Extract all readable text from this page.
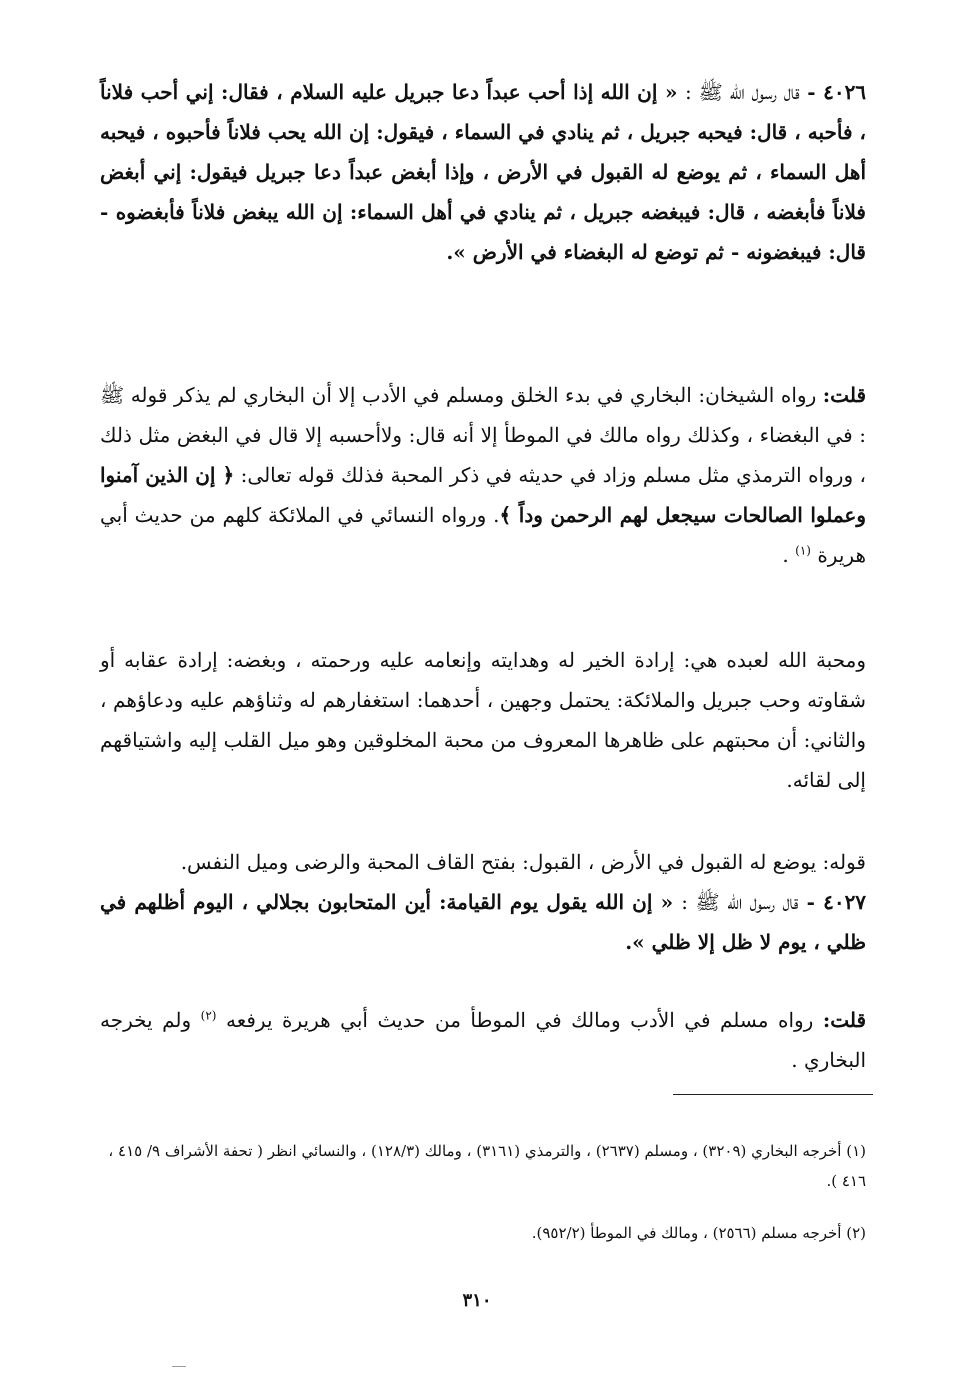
٤٠٢٦ - قال رسول الله ﷺ : « إن الله إذا أحب عبداً دعا جبريل عليه السلام ، فقال: إني أحب فلاناً ، فأحبه ، قال: فيحبه جبريل ، ثم ينادي في السماء ، فيقول: إن الله يحب فلاناً فأحبوه ، فيحبه أهل السماء ، ثم يوضع له القبول في الأرض ، وإذا أبغض عبداً دعا جبريل فيقول: إني أبغض فلاناً فأبغضه ، قال: فيبغضه جبريل ، ثم ينادي في أهل السماء: إن الله يبغض فلاناً فأبغضوه - قال: فيبغضونه - ثم توضع له البغضاء في الأرض ».
قلت: رواه الشيخان: البخاري في بدء الخلق ومسلم في الأدب إلا أن البخاري لم يذكر قوله ﷺ : في البغضاء ، وكذلك رواه مالك في الموطأ إلا أنه قال: ولاأحسبه إلا قال في البغض مثل ذلك ، ورواه الترمذي مثل مسلم وزاد في حديثه في ذكر المحبة فذلك قوله تعالى: ﴿ إن الذين آمنوا وعملوا الصالحات سيجعل لهم الرحمن وداً ﴾. ورواه النسائي في الملائكة كلهم من حديث أبي هريرة $^{(١)}$ .
ومحبة الله لعبده هي: إرادة الخير له وهدايته وإنعامه عليه ورحمته ، وبغضه: إرادة عقابه أو شقاوته وحب جبريل والملائكة: يحتمل وجهين ، أحدهما: استغفارهم له وثناؤهم عليه ودعاؤهم ، والثاني: أن محبتهم على ظاهرها المعروف من محبة المخلوقين وهو ميل القلب إليه واشتياقهم إلى لقائه.
قوله: يوضع له القبول في الأرض ، القبول: بفتح القاف المحبة والرضى وميل النفس.
٤٠٢٧ - قال رسول الله ﷺ : « إن الله يقول يوم القيامة: أين المتحابون بجلالي ، اليوم أظلهم في ظلي ، يوم لا ظل إلا ظلي ».
قلت: رواه مسلم في الأدب ومالك في الموطأ من حديث أبي هريرة يرفعه $^{(٢)}$ ولم يخرجه البخاري .
(١) أخرجه البخاري (٣٢٠٩) ، ومسلم (٢٦٣٧) ، والترمذي (٣١٦١) ، ومالك (١٢٨/٣) ، والنسائي انظر ( تحفة الأشراف ٩/ ٤١٥ ، ٤١٦ ).
(٢) أخرجه مسلم (٢٥٦٦) ، ومالك في الموطأ (٩٥٢/٢).
٣١٠
